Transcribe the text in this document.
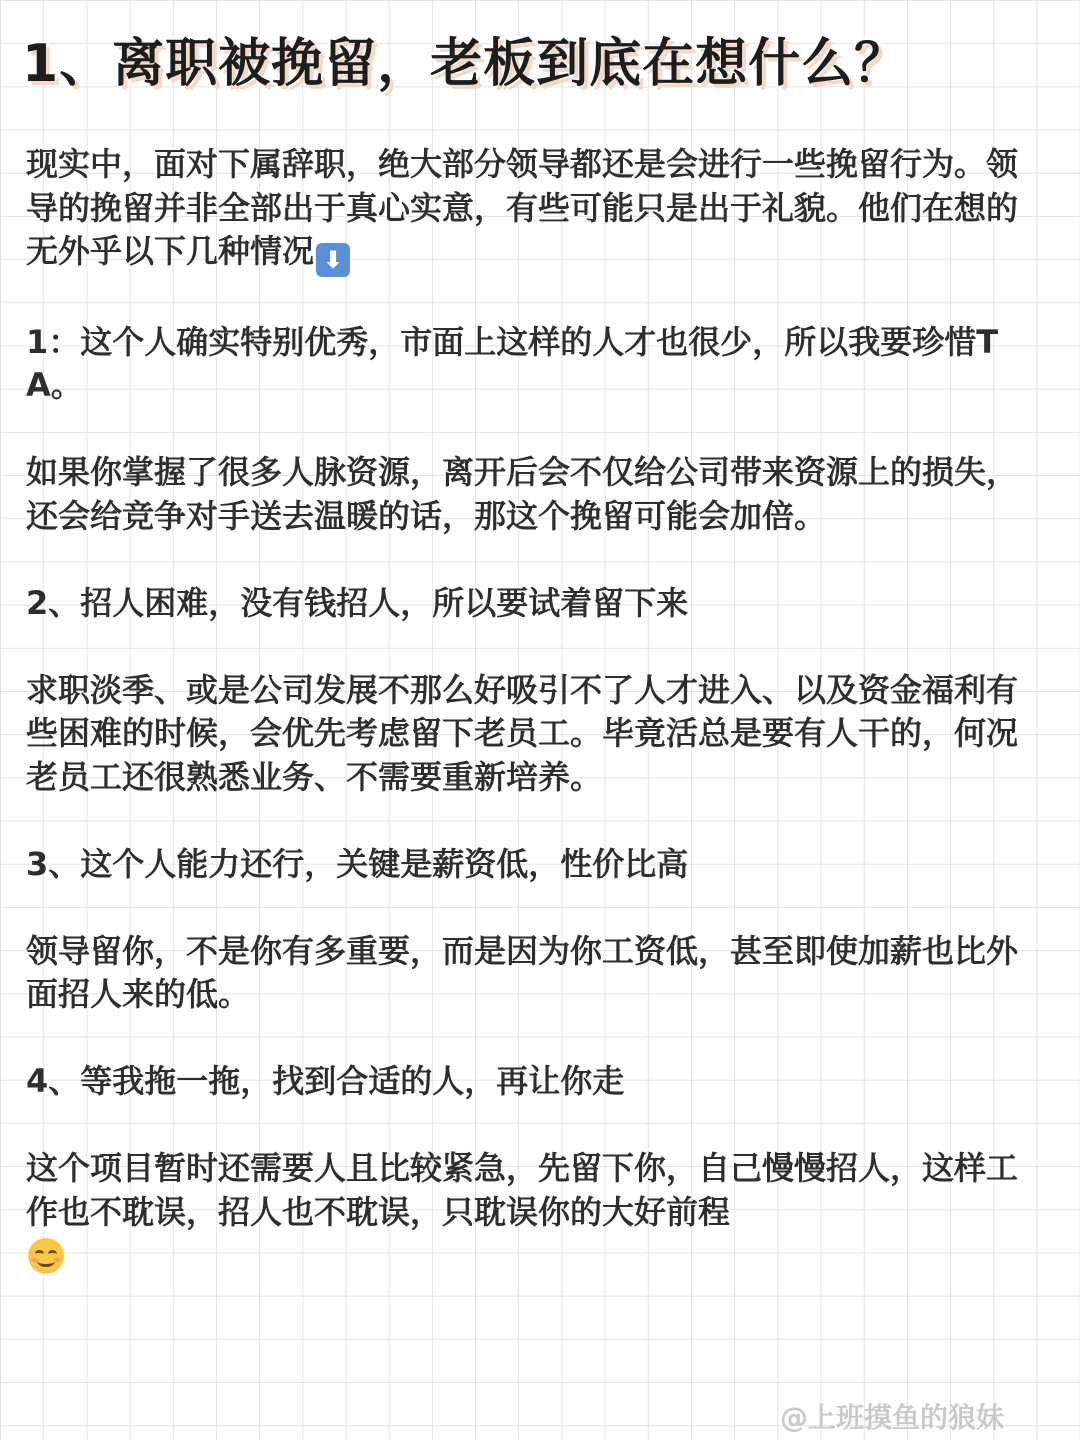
1、离职被挽留，老板到底在想什么？

现实中，面对下属辞职，绝大部分领导都还是会进行一些挽留行为。领导的挽留并非全部出于真心实意，有些可能只是出于礼貌。他们在想的无外乎以下几种情况 ⬇

1：这个人确实特别优秀，市面上这样的人才也很少，所以我要珍惜TA。

如果你掌握了很多人脉资源，离开后会不仅给公司带来资源上的损失，还会给竞争对手送去温暖的话，那这个挽留可能会加倍。

2、招人困难，没有钱招人，所以要试着留下来

求职淡季、或是公司发展不那么好吸引不了人才进入、以及资金福利有些困难的时候，会优先考虑留下老员工。毕竟活总是要有人干的，何况老员工还很熟悉业务、不需要重新培养。

3、这个人能力还行，关键是薪资低，性价比高

领导留你，不是你有多重要，而是因为你工资低，甚至即使加薪也比外面招人来的低。

4、等我拖一拖，找到合适的人，再让你走

这个项目暂时还需要人且比较紧急，先留下你，自己慢慢招人，这样工作也不耽误，招人也不耽误，只耽误你的大好前程

@上班摸鱼的狼妹
